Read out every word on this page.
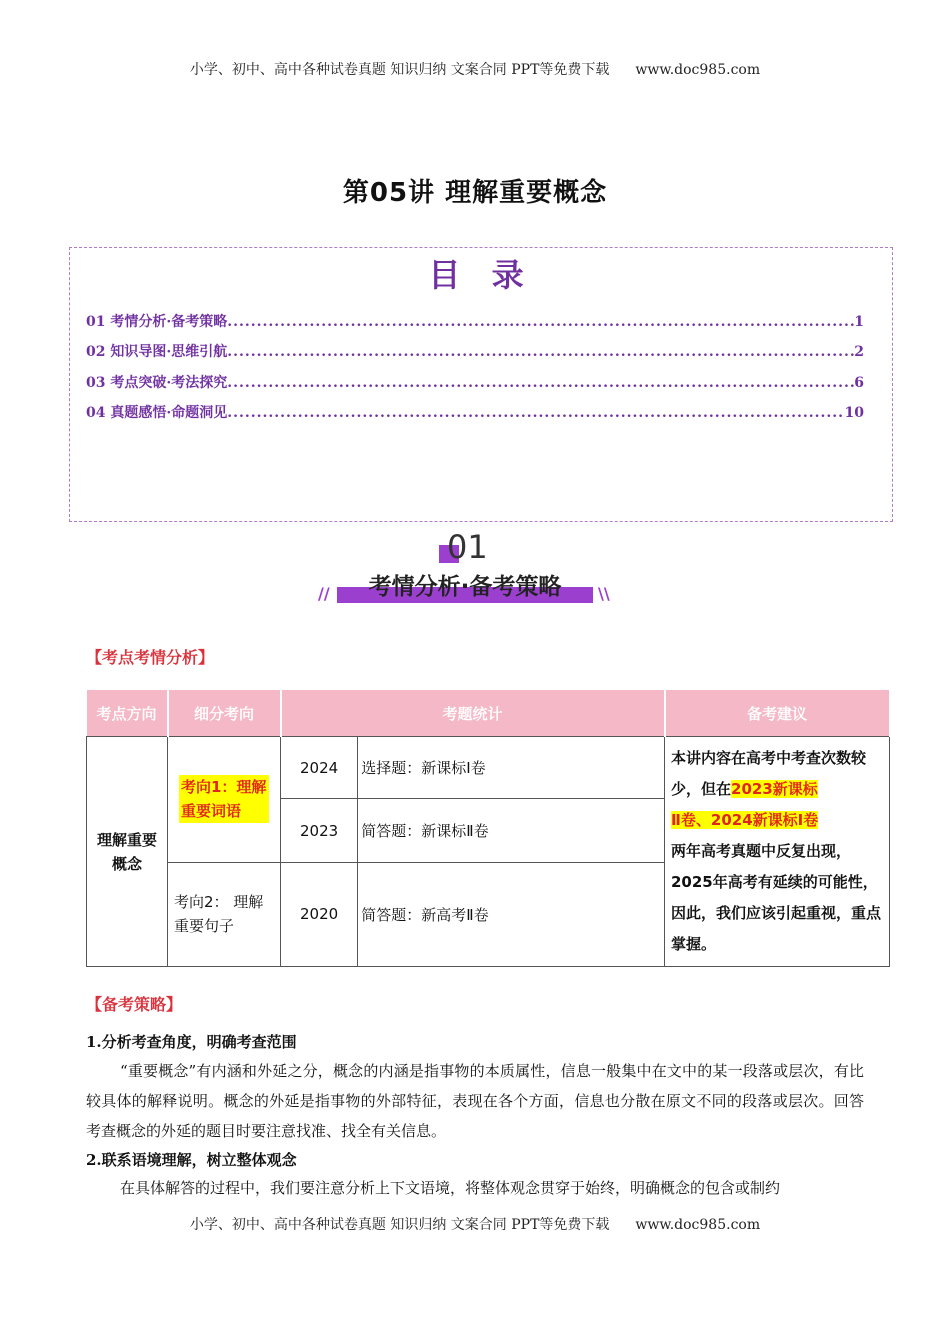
小学、初中、高中各种试卷真题 知识归纳 文案合同 PPT等免费下载 www.doc985.com
第05讲 理解重要概念
目 录
01 考情分析·备考策略 .....	1
02 知识导图·思维引航 .....	2
03 考点突破·考法探究 .....	6
04 真题感悟·命题洞见 .....	10
01
考情分析·备考策略
//	\\
【考点考情分析】
考点方向	细分考向	考题统计		备考建议
理解重要概念	考向1：理解重要词语	2024	选择题：新课标Ⅰ卷	本讲内容在高考中考查次数较少，但在2023新课标
Ⅱ卷、2024新课标Ⅰ卷
两年高考真题中反复出现，2025年高考有延续的可能性，因此，我们应该引起重视，重点掌握。
		2023	简答题：新课标Ⅱ卷	
	考向2： 理解重要句子	2020	简答题：新高考Ⅱ卷	
【备考策略】
1.分析考查角度，明确考查范围
“重要概念”有内涵和外延之分，概念的内涵是指事物的本质属性，信息一般集中在文中的某一段落或层次，有比较具体的解释说明。概念的外延是指事物的外部特征，表现在各个方面，信息也分散在原文不同的段落或层次。回答考查概念的外延的题目时要注意找准、找全有关信息。
2.联系语境理解，树立整体观念
在具体解答的过程中，我们要注意分析上下文语境，将整体观念贯穿于始终，明确概念的包含或制约
小学、初中、高中各种试卷真题 知识归纳 文案合同 PPT等免费下载 www.doc985.com
